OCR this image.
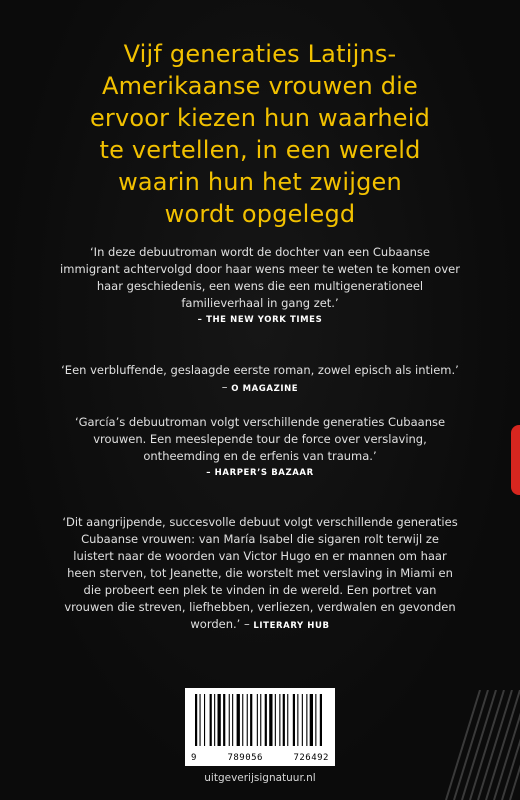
Vijf generaties Latijns-
Amerikaanse vrouwen die
ervoor kiezen hun waarheid
te vertellen, in een wereld
waarin hun het zwijgen
wordt opgelegd
‘In deze debuutroman wordt de dochter van een Cubaanse immigrant achtervolgd door haar wens meer te weten te komen over haar geschiedenis, een wens die een multigenerationeel familieverhaal in gang zet.’
– THE NEW YORK TIMES
‘Een verbluffende, geslaagde eerste roman, zowel episch als intiem.’ – O MAGAZINE
‘García’s debuutroman volgt verschillende generaties Cubaanse vrouwen. Een meeslepende tour de force over verslaving, ontheemding en de erfenis van trauma.’
– HARPER’S BAZAAR
‘Dit aangrijpende, succesvolle debuut volgt verschillende generaties Cubaanse vrouwen: van María Isabel die sigaren rolt terwijl ze luistert naar de woorden van Victor Hugo en er mannen om haar heen sterven, tot Jeanette, die worstelt met verslaving in Miami en die probeert een plek te vinden in de wereld. Een portret van vrouwen die streven, liefhebben, verliezen, verdwalen en gevonden worden.’ – LITERARY HUB
9	789056	726492
uitgeverijsignatuur.nl
